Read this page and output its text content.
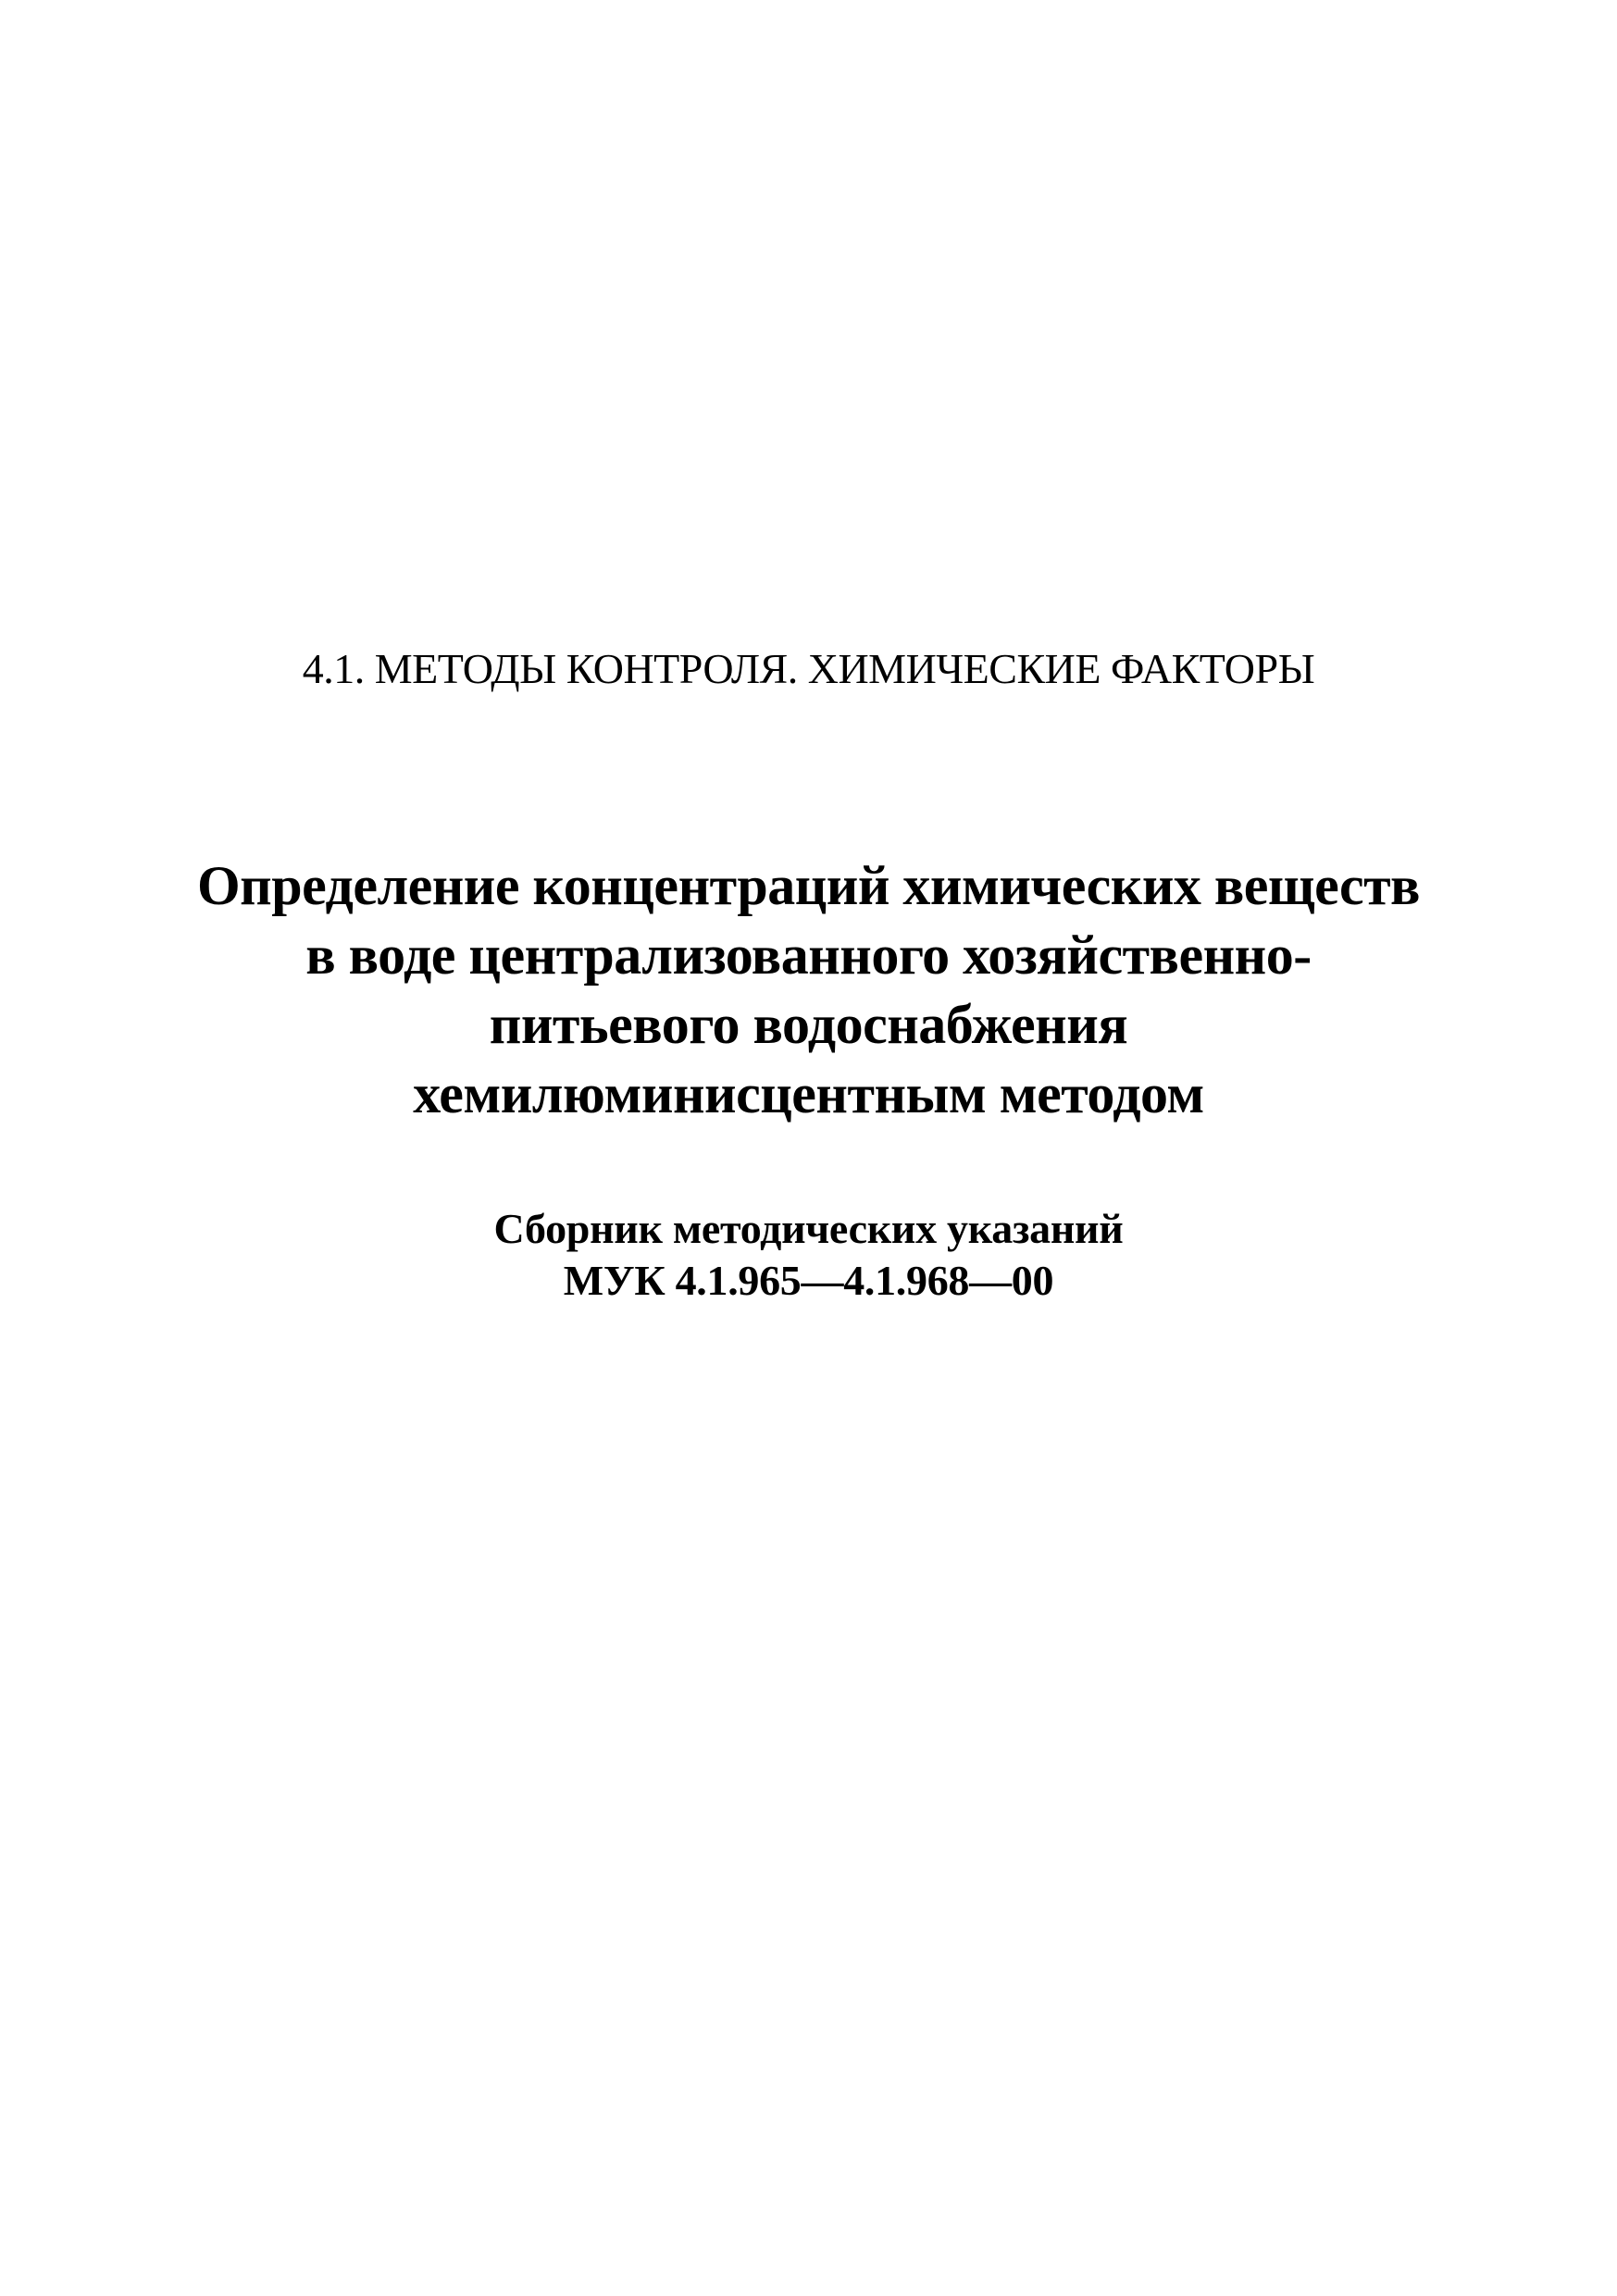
4.1. МЕТОДЫ КОНТРОЛЯ. ХИМИЧЕСКИЕ ФАКТОРЫ
Определение концентраций химических веществ
в воде централизованного хозяйственно-
питьевого водоснабжения
хемилюминисцентным методом
Сборник методических указаний
МУК 4.1.965—4.1.968—00
